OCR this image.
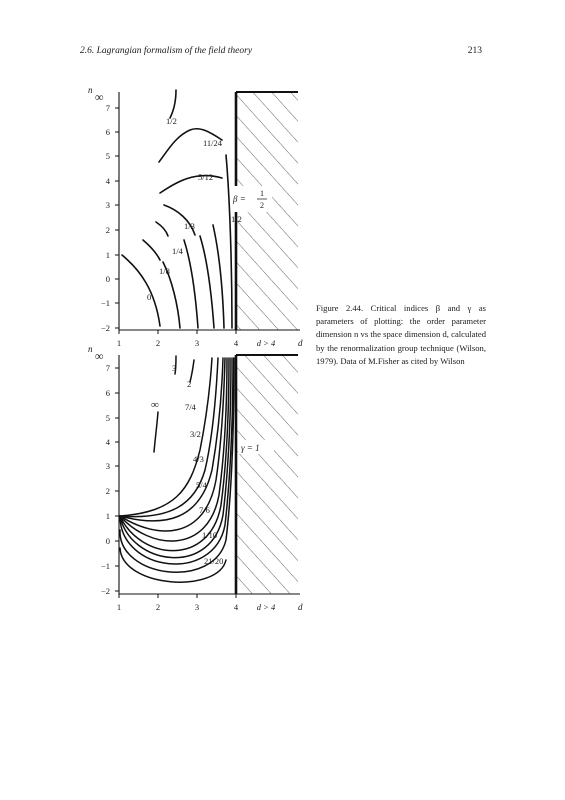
2.6. Lagrangian formalism of the field theory	213
n ∞
7
6
5
4
3
2
1
0
−1
−2
1	2	3	4 d > 4	d
β =
1
2
1/2
11/24
5/12
1/3
1/4
1/8
0
1/2
n ∞
7
6
5
4
3
2
1
0
−1
−2
1	2	3	4 d > 4	d
γ = 1
3
2
∞	7/4
3/2
4/3
5/4
7/6
1/10
21/20
Figure 2.44. Critical indices β and γ as parameters of plotting: the order parameter dimension n vs the space dimension d, calculated by the renormalization group technique (Wilson, 1979). Data of M.Fisher as cited by Wilson
